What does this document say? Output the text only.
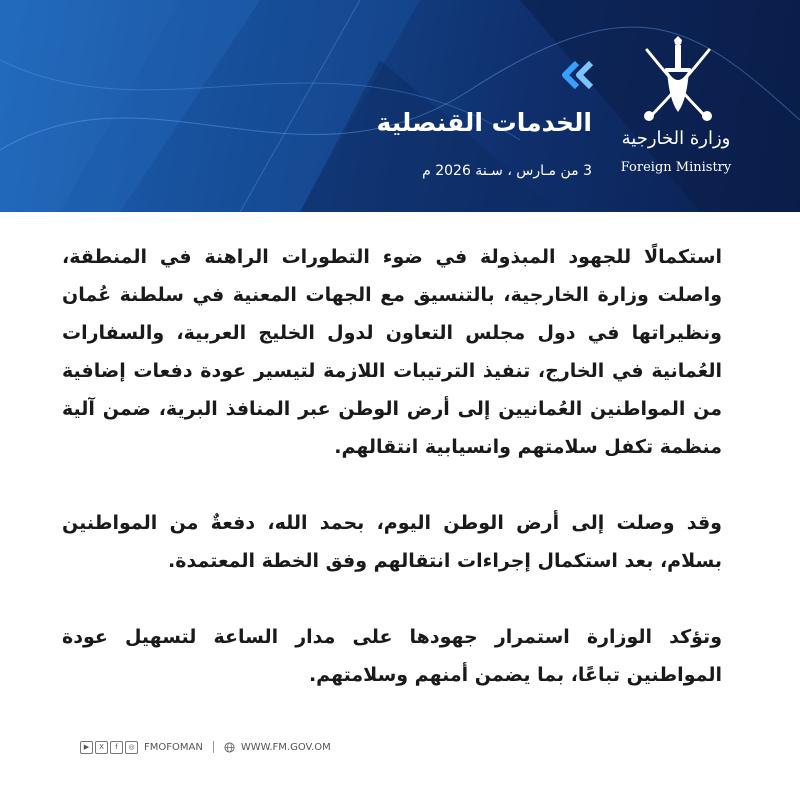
وزارة الخارجية
Foreign Ministry
الخدمات القنصلية
3 من مـارس ، سـنة 2026 م

استكمالًا للجهود المبذولة في ضوء التطورات الراهنة في المنطقة، واصلت وزارة الخارجية، بالتنسيق مع الجهات المعنية في سلطنة عُمان ونظيراتها في دول مجلس التعاون لدول الخليج العربية، والسفارات العُمانية في الخارج، تنفيذ الترتيبات اللازمة لتيسير عودة دفعات إضافية من المواطنين العُمانيين إلى أرض الوطن عبر المنافذ البرية، ضمن آلية منظمة تكفل سلامتهم وانسيابية انتقالهم.

وقد وصلت إلى أرض الوطن اليوم، بحمد الله، دفعةٌ من المواطنين بسلام، بعد استكمال إجراءات انتقالهم وفق الخطة المعتمدة.

وتؤكد الوزارة استمرار جهودها على مدار الساعة لتسهيل عودة المواطنين تباعًا، بما يضمن أمنهم وسلامتهم.

▶	X	f	◎ FMOFOMAN	WWW.FM.GOV.OM
